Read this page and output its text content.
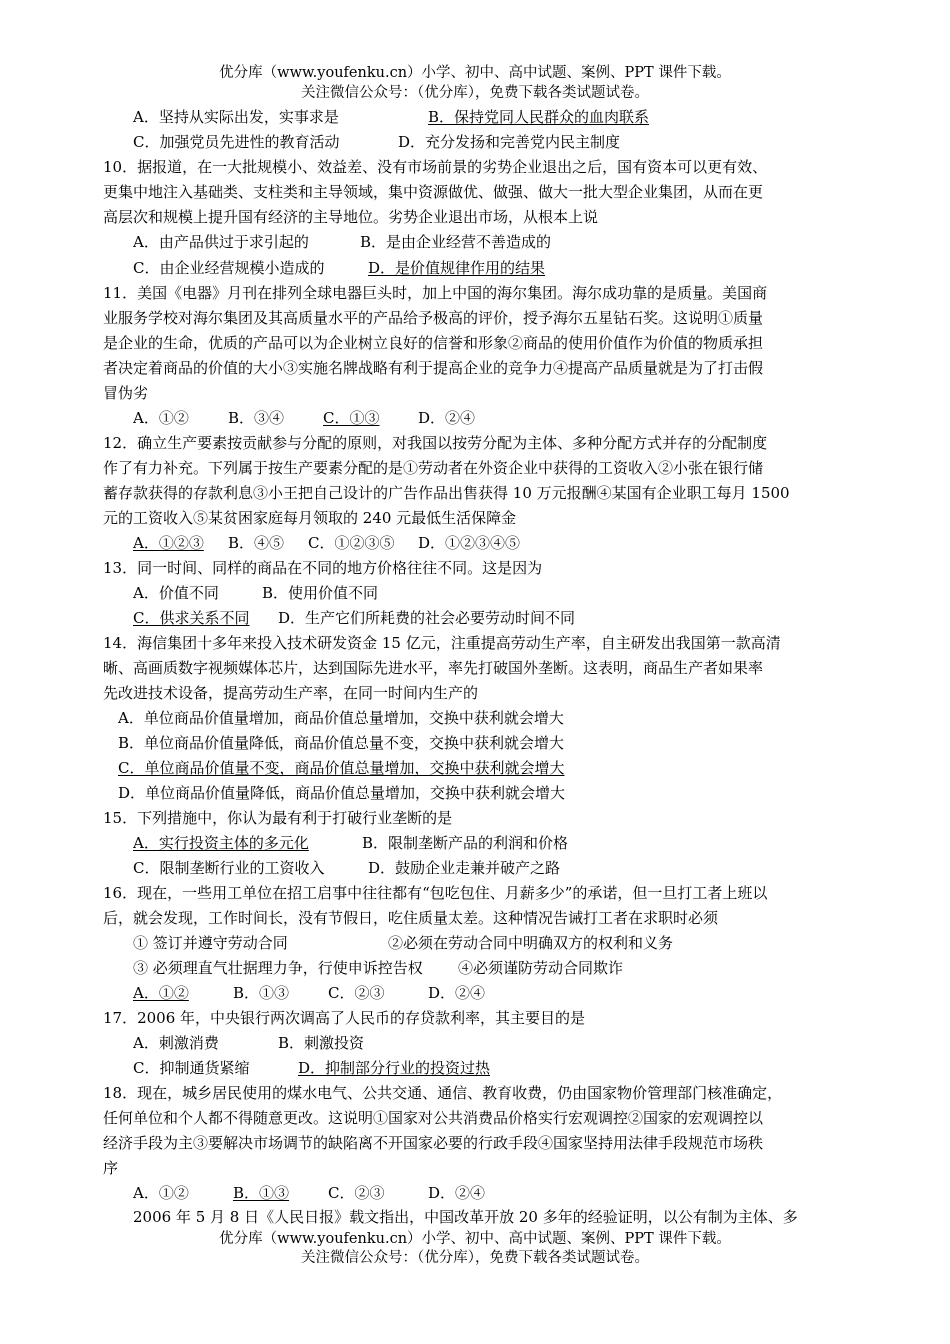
优分库（www.youfenku.cn）小学、初中、高中试题、案例、PPT 课件下载。
关注微信公众号：（优分库），免费下载各类试题试卷。
A．坚持从实际出发，实事求是	B．保持党同人民群众的血肉联系
C．加强党员先进性的教育活动	D．充分发扬和完善党内民主制度
10．据报道，在一大批规模小、效益差、没有市场前景的劣势企业退出之后，国有资本可以更有效、
更集中地注入基础类、支柱类和主导领域，集中资源做优、做强、做大一批大型企业集团，从而在更
高层次和规模上提升国有经济的主导地位。劣势企业退出市场，从根本上说
A．由产品供过于求引起的	B．是由企业经营不善造成的
C．由企业经营规模小造成的	D．是价值规律作用的结果
11．美国《电器》月刊在排列全球电器巨头时，加上中国的海尔集团。海尔成功靠的是质量。美国商
业服务学校对海尔集团及其高质量水平的产品给予极高的评价，授予海尔五星钻石奖。这说明①质量
是企业的生命，优质的产品可以为企业树立良好的信誉和形象②商品的使用价值作为价值的物质承担
者决定着商品的价值的大小③实施名牌战略有利于提高企业的竞争力④提高产品质量就是为了打击假
冒伪劣
A．①②	B．③④	C．①③	D．②④
12．确立生产要素按贡献参与分配的原则，对我国以按劳分配为主体、多种分配方式并存的分配制度
作了有力补充。下列属于按生产要素分配的是①劳动者在外资企业中获得的工资收入②小张在银行储
蓄存款获得的存款利息③小王把自己设计的广告作品出售获得 10 万元报酬④某国有企业职工每月 1500
元的工资收入⑤某贫困家庭每月领取的 240 元最低生活保障金
A．①②③ B．④⑤ C．①②③⑤ D．①②③④⑤
13．同一时间、同样的商品在不同的地方价格往往不同。这是因为
A．价值不同	B．使用价值不同
C．供求关系不同 D．生产它们所耗费的社会必要劳动时间不同
14．海信集团十多年来投入技术研发资金 15 亿元，注重提高劳动生产率，自主研发出我国第一款高清
晰、高画质数字视频媒体芯片，达到国际先进水平，率先打破国外垄断。这表明，商品生产者如果率
先改进技术设备，提高劳动生产率，在同一时间内生产的
A．单位商品价值量增加，商品价值总量增加，交换中获利就会增大
B．单位商品价值量降低，商品价值总量不变，交换中获利就会增大
C．单位商品价值量不变，商品价值总量增加，交换中获利就会增大
D．单位商品价值量降低，商品价值总量增加，交换中获利就会增大
15．下列措施中，你认为最有利于打破行业垄断的是
A．实行投资主体的多元化	B．限制垄断产品的利润和价格
C．限制垄断行业的工资收入	D．鼓励企业走兼并破产之路
16．现在，一些用工单位在招工启事中往往都有“包吃包住、月薪多少”的承诺，但一旦打工者上班以
后，就会发现，工作时间长，没有节假日，吃住质量太差。这种情况告诫打工者在求职时必须
① 签订并遵守劳动合同	②必须在劳动合同中明确双方的权利和义务
③ 必须理直气壮据理力争，行使申诉控告权 ④必须谨防劳动合同欺诈
A．①②	B．①③	C．②③	D．②④
17．2006 年，中央银行两次调高了人民币的存贷款利率，其主要目的是
A．刺激消费	B．刺激投资
C．抑制通货紧缩	D．抑制部分行业的投资过热
18．现在，城乡居民使用的煤水电气、公共交通、通信、教育收费，仍由国家物价管理部门核准确定，
任何单位和个人都不得随意更改。这说明①国家对公共消费品价格实行宏观调控②国家的宏观调控以
经济手段为主③要解决市场调节的缺陷离不开国家必要的行政手段④国家坚持用法律手段规范市场秩
序
A．①②	B．①③	C．②③	D．②④
2006 年 5 月 8 日《人民日报》载文指出，中国改革开放 20 多年的经验证明，以公有制为主体、多
优分库（www.youfenku.cn）小学、初中、高中试题、案例、PPT 课件下载。
关注微信公众号：（优分库），免费下载各类试题试卷。
